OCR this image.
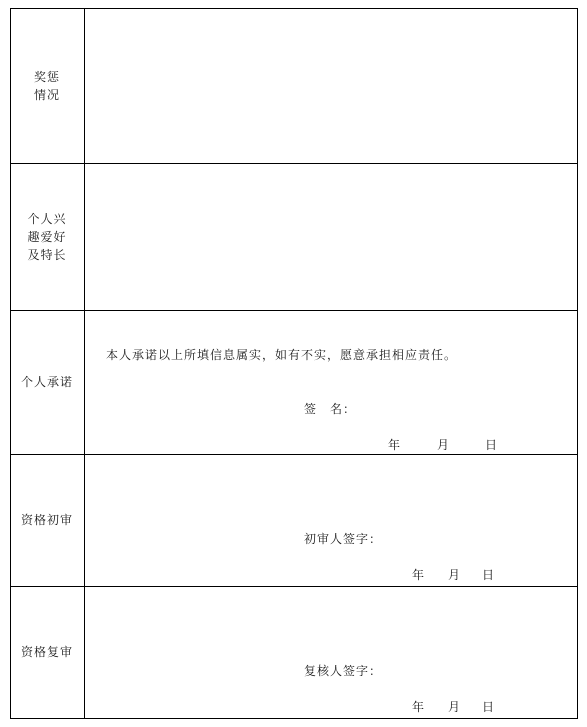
奖惩
情况
个人兴
趣爱好
及特长
个人承诺
本人承诺以上所填信息属实，如有不实，愿意承担相应责任。
签　名：
年	月	日
资格初审
初审人签字：
年 月 日
资格复审
复核人签字：
年 月 日
